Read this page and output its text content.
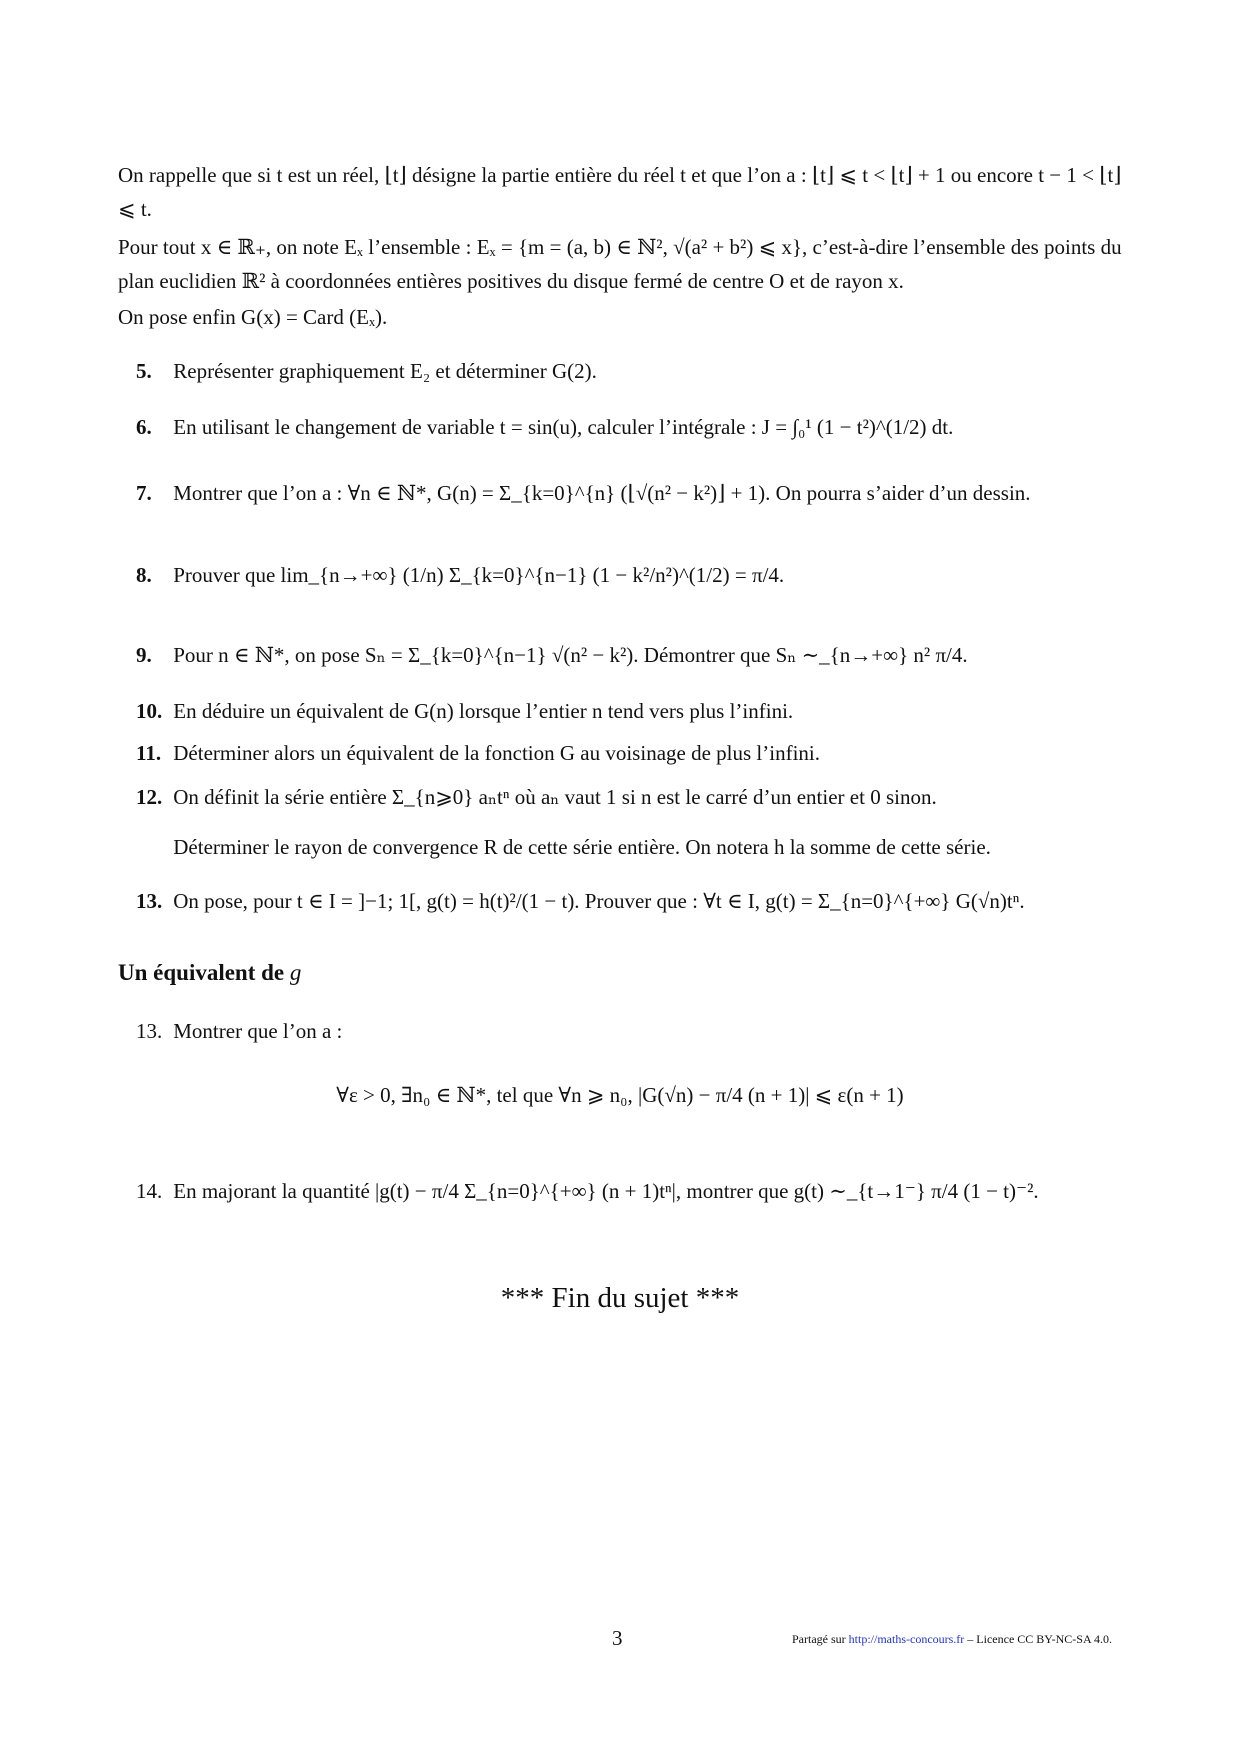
On rappelle que si t est un réel, ⌊t⌋ désigne la partie entière du réel t et que l’on a : ⌊t⌋ ⩽ t < ⌊t⌋ + 1 ou encore t − 1 < ⌊t⌋ ⩽ t.
Pour tout x ∈ ℝ₊, on note Eₓ l’ensemble : Eₓ = {m = (a, b) ∈ ℕ², √(a² + b²) ⩽ x}, c’est-à-dire l’ensemble des points du plan euclidien ℝ² à coordonnées entières positives du disque fermé de centre O et de rayon x.
On pose enfin G(x) = Card (Eₓ).
5. Représenter graphiquement E₂ et déterminer G(2).
6. En utilisant le changement de variable t = sin(u), calculer l’intégrale : J = ∫₀¹ (1 − t²)^(1/2) dt.
7. Montrer que l’on a : ∀n ∈ ℕ*, G(n) = Σ_{k=0}^{n} (⌊√(n² − k²)⌋ + 1). On pourra s’aider d’un dessin.
8. Prouver que lim_{n→+∞} (1/n) Σ_{k=0}^{n−1} (1 − k²/n²)^(1/2) = π/4.
9. Pour n ∈ ℕ*, on pose Sₙ = Σ_{k=0}^{n−1} √(n² − k²). Démontrer que Sₙ ∼_{n→+∞} n² π/4.
10. En déduire un équivalent de G(n) lorsque l’entier n tend vers plus l’infini.
11. Déterminer alors un équivalent de la fonction G au voisinage de plus l’infini.
12. On définit la série entière Σ_{n⩾0} aₙtⁿ où aₙ vaut 1 si n est le carré d’un entier et 0 sinon.
Déterminer le rayon de convergence R de cette série entière. On notera h la somme de cette série.
13. On pose, pour t ∈ I = ]−1; 1[, g(t) = h(t)²/(1 − t). Prouver que : ∀t ∈ I, g(t) = Σ_{n=0}^{+∞} G(√n)tⁿ.
Un équivalent de g
13. Montrer que l’on a :
∀ε > 0, ∃n₀ ∈ ℕ*, tel que ∀n ⩾ n₀, |G(√n) − π/4 (n + 1)| ⩽ ε(n + 1)
14. En majorant la quantité |g(t) − π/4 Σ_{n=0}^{+∞} (n + 1)tⁿ|, montrer que g(t) ∼_{t→1⁻} π/4 (1 − t)⁻².
*** Fin du sujet ***
3	Partagé sur http://maths-concours.fr – Licence CC BY-NC-SA 4.0.
